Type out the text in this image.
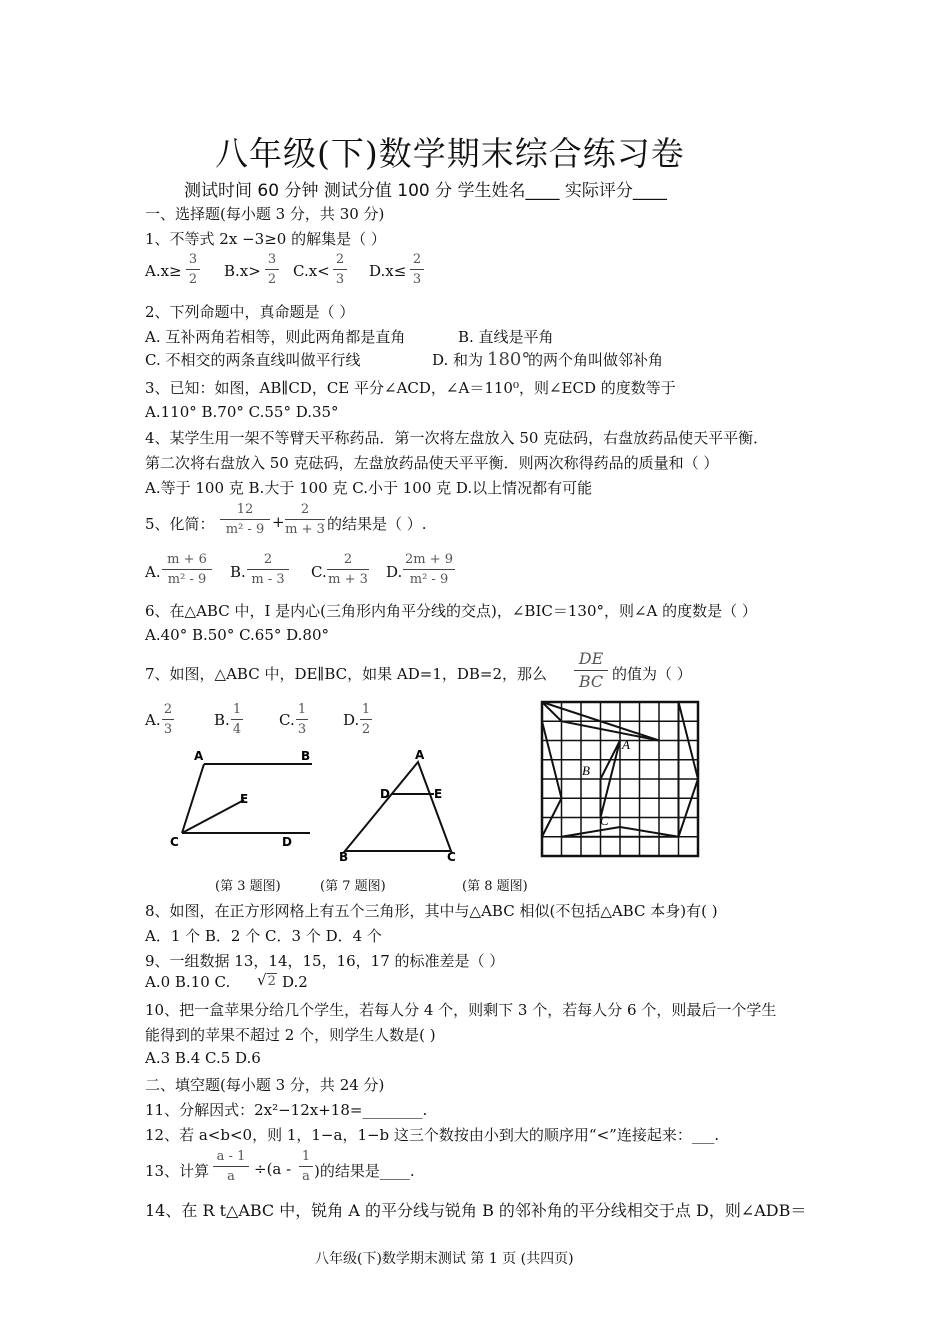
八年级(下)数学期末综合练习卷
测试时间 60 分钟 测试分值 100 分 学生姓名____ 实际评分____
一、选择题(每小题 3 分，共 30 分)
1、不等式 2x −3≥0 的解集是（ ）
A.x≥
3
2 B.x>
3
2 C.x<
2
3 D.x≤
2
3
2、下列命题中，真命题是（ ）
A. 互补两角若相等，则此两角都是直角	B. 直线是平角
C. 不相交的两条直线叫做平行线	D. 和为 180°
的两个角叫做邻补角
3、已知：如图，AB∥CD，CE 平分∠ACD，∠A＝110⁰，则∠ECD 的度数等于
A.110° B.70° C.55° D.35°
4、某学生用一架不等臂天平称药品．第一次将左盘放入 50 克砝码，右盘放药品使天平平衡．
第二次将右盘放入 50 克砝码，左盘放药品使天平平衡．则两次称得药品的质量和（ ）
A.等于 100 克 B.大于 100 克 C.小于 100 克 D.以上情况都有可能
5、化简：
12
m² - 9 +
2
m + 3 的结果是（ ）.
A.
m + 6
m² - 9	B.
2
m - 3 C.
2
m + 3 D.
2m + 9
m² - 9
6、在△ABC 中，I 是内心(三角形内角平分线的交点)，∠BIC＝130°，则∠A 的度数是（ ）
A.40° B.50° C.65° D.80°
7、如图，△ABC 中，DE∥BC，如果 AD=1，DB=2，那么
DE
BC 的值为（ ）
A.
2
3
B.
1
4
C.
1
3
D.
1
2
A	B
E
C	D
A
D	E
B	C
A
B
C
(第 3 题图)	(第 7 题图)	(第 8 题图)
8、如图，在正方形网格上有五个三角形，其中与△ABC 相似(不包括△ABC 本身)有( )
A．1 个 B．2 个 C．3 个 D．4 个
9、一组数据 13，14，15，16，17 的标准差是（ ）
A.0 B.10 C. √2 D.2
10、把一盒苹果分给几个学生，若每人分 4 个，则剩下 3 个，若每人分 6 个，则最后一个学生
能得到的苹果不超过 2 个，则学生人数是( )
A.3 B.4 C.5 D.6
二、填空题(每小题 3 分，共 24 分)
11、分解因式：2x²−12x+18=________.
12、若 a<b<0，则 1，1−a，1−b 这三个数按由小到大的顺序用“<”连接起来：___.
13、计算
a - 1
a	÷(a -
1
a )的结果是____.
14、在 R t△ABC 中，锐角 A 的平分线与锐角 B 的邻补角的平分线相交于点 D，则∠ADB＝
八年级(下)数学期末测试 第 1 页 (共四页)
